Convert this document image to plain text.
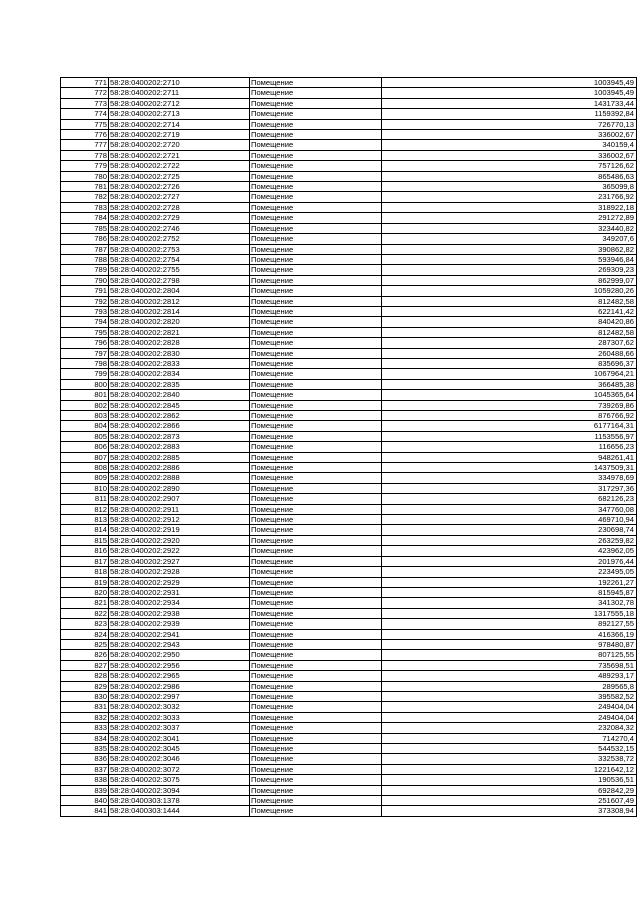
771	58:28:0400202:2710	Помещение	1003945,49
772	58:28:0400202:2711	Помещение	1003945,49
773	58:28:0400202:2712	Помещение	1431733,44
774	58:28:0400202:2713	Помещение	1159392,84
775	58:28:0400202:2714	Помещение	726770,13
776	58:28:0400202:2719	Помещение	336002,67
777	58:28:0400202:2720	Помещение	340159,4
778	58:28:0400202:2721	Помещение	336002,67
779	58:28:0400202:2722	Помещение	757126,62
780	58:28:0400202:2725	Помещение	865486,63
781	58:28:0400202:2726	Помещение	365099,8
782	58:28:0400202:2727	Помещение	231766,92
783	58:28:0400202:2728	Помещение	318922,18
784	58:28:0400202:2729	Помещение	291272,89
785	58:28:0400202:2746	Помещение	323440,82
786	58:28:0400202:2752	Помещение	349207,6
787	58:28:0400202:2753	Помещение	390862,82
788	58:28:0400202:2754	Помещение	593946,84
789	58:28:0400202:2755	Помещение	269309,23
790	58:28:0400202:2798	Помещение	862999,07
791	58:28:0400202:2804	Помещение	1059280,26
792	58:28:0400202:2812	Помещение	812482,58
793	58:28:0400202:2814	Помещение	622141,42
794	58:28:0400202:2820	Помещение	840420,86
795	58:28:0400202:2821	Помещение	812482,58
796	58:28:0400202:2828	Помещение	287307,62
797	58:28:0400202:2830	Помещение	260488,66
798	58:28:0400202:2833	Помещение	835696,37
799	58:28:0400202:2834	Помещение	1067964,21
800	58:28:0400202:2835	Помещение	366485,38
801	58:28:0400202:2840	Помещение	1045365,64
802	58:28:0400202:2845	Помещение	739269,86
803	58:28:0400202:2862	Помещение	876766,92
804	58:28:0400202:2866	Помещение	6177164,31
805	58:28:0400202:2873	Помещение	1153556,97
806	58:28:0400202:2883	Помещение	116656,23
807	58:28:0400202:2885	Помещение	948261,41
808	58:28:0400202:2886	Помещение	1437509,31
809	58:28:0400202:2888	Помещение	334978,69
810	58:28:0400202:2890	Помещение	317297,36
811	58:28:0400202:2907	Помещение	682126,23
812	58:28:0400202:2911	Помещение	347760,08
813	58:28:0400202:2912	Помещение	469710,94
814	58:28:0400202:2919	Помещение	230698,74
815	58:28:0400202:2920	Помещение	263259,82
816	58:28:0400202:2922	Помещение	423962,05
817	58:28:0400202:2927	Помещение	201976,44
818	58:28:0400202:2928	Помещение	223495,05
819	58:28:0400202:2929	Помещение	192261,27
820	58:28:0400202:2931	Помещение	815945,87
821	58:28:0400202:2934	Помещение	341302,78
822	58:28:0400202:2938	Помещение	1317555,18
823	58:28:0400202:2939	Помещение	892127,55
824	58:28:0400202:2941	Помещение	416366,19
825	58:28:0400202:2943	Помещение	978480,87
826	58:28:0400202:2950	Помещение	807125,55
827	58:28:0400202:2956	Помещение	735698,51
828	58:28:0400202:2965	Помещение	489293,17
829	58:28:0400202:2986	Помещение	289565,8
830	58:28:0400202:2997	Помещение	395582,52
831	58:28:0400202:3032	Помещение	249404,04
832	58:28:0400202:3033	Помещение	249404,04
833	58:28:0400202:3037	Помещение	232084,32
834	58:28:0400202:3041	Помещение	714270,4
835	58:28:0400202:3045	Помещение	544532,15
836	58:28:0400202:3046	Помещение	332538,72
837	58:28:0400202:3072	Помещение	1221642,12
838	58:28:0400202:3075	Помещение	190536,51
839	58:28:0400202:3094	Помещение	692842,29
840	58:28:0400303:1378	Помещение	251607,49
841	58:28:0400303:1444	Помещение	373308,94
